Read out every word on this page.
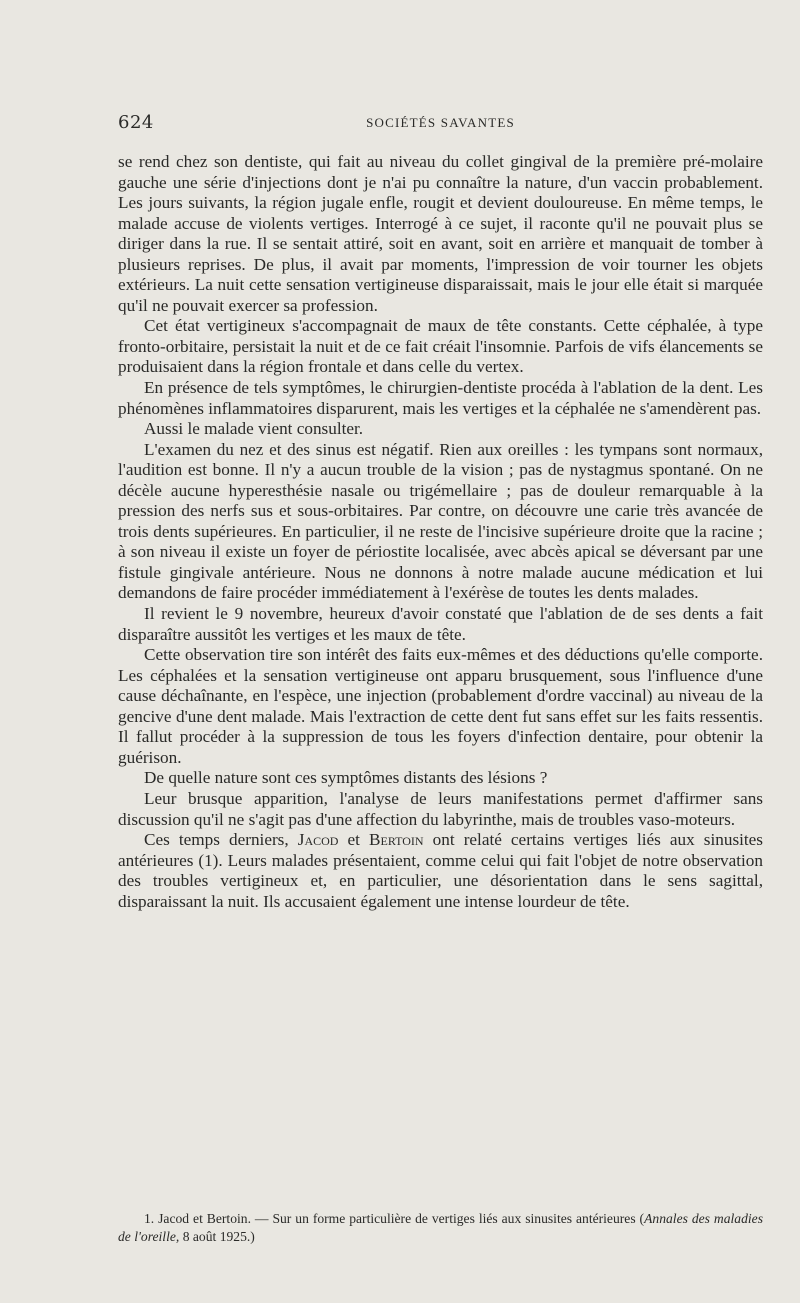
624	SOCIÉTÉS SAVANTES

se rend chez son dentiste, qui fait au niveau du collet gingival de la première pré-molaire gauche une série d'injections dont je n'ai pu connaître la nature, d'un vaccin probablement. Les jours suivants, la région jugale enfle, rougit et devient douloureuse. En même temps, le malade accuse de violents vertiges. Interrogé à ce sujet, il raconte qu'il ne pouvait plus se diriger dans la rue. Il se sentait attiré, soit en avant, soit en arrière et manquait de tomber à plusieurs reprises. De plus, il avait par moments, l'impression de voir tourner les objets extérieurs. La nuit cette sensation vertigineuse disparaissait, mais le jour elle était si marquée qu'il ne pouvait exercer sa profession.

Cet état vertigineux s'accompagnait de maux de tête constants. Cette céphalée, à type fronto-orbitaire, persistait la nuit et de ce fait créait l'insomnie. Parfois de vifs élancements se produisaient dans la région frontale et dans celle du vertex.

En présence de tels symptômes, le chirurgien-dentiste procéda à l'ablation de la dent. Les phénomènes inflammatoires disparurent, mais les vertiges et la céphalée ne s'amendèrent pas.

Aussi le malade vient consulter.

L'examen du nez et des sinus est négatif. Rien aux oreilles : les tympans sont normaux, l'audition est bonne. Il n'y a aucun trouble de la vision ; pas de nystagmus spontané. On ne décèle aucune hyperesthésie nasale ou trigémellaire ; pas de douleur remarquable à la pression des nerfs sus et sous-orbitaires. Par contre, on découvre une carie très avancée de trois dents supérieures. En particulier, il ne reste de l'incisive supérieure droite que la racine ; à son niveau il existe un foyer de périostite localisée, avec abcès apical se déversant par une fistule gingivale antérieure. Nous ne donnons à notre malade aucune médication et lui demandons de faire procéder immédiatement à l'exérèse de toutes les dents malades.

Il revient le 9 novembre, heureux d'avoir constaté que l'ablation de de ses dents a fait disparaître aussitôt les vertiges et les maux de tête.

Cette observation tire son intérêt des faits eux-mêmes et des déductions qu'elle comporte. Les céphalées et la sensation vertigineuse ont apparu brusquement, sous l'influence d'une cause déchaînante, en l'espèce, une injection (probablement d'ordre vaccinal) au niveau de la gencive d'une dent malade. Mais l'extraction de cette dent fut sans effet sur les faits ressentis. Il fallut procéder à la suppression de tous les foyers d'infection dentaire, pour obtenir la guérison.

De quelle nature sont ces symptômes distants des lésions ?

Leur brusque apparition, l'analyse de leurs manifestations permet d'affirmer sans discussion qu'il ne s'agit pas d'une affection du labyrinthe, mais de troubles vaso-moteurs.

Ces temps derniers, Jacod et Bertoin ont relaté certains vertiges liés aux sinusites antérieures (1). Leurs malades présentaient, comme celui qui fait l'objet de notre observation des troubles vertigineux et, en particulier, une désorientation dans le sens sagittal, disparaissant la nuit. Ils accusaient également une intense lourdeur de tête.

1. Jacod et Bertoin. — Sur un forme particulière de vertiges liés aux sinusites antérieures (Annales des maladies de l'oreille, 8 août 1925.)
